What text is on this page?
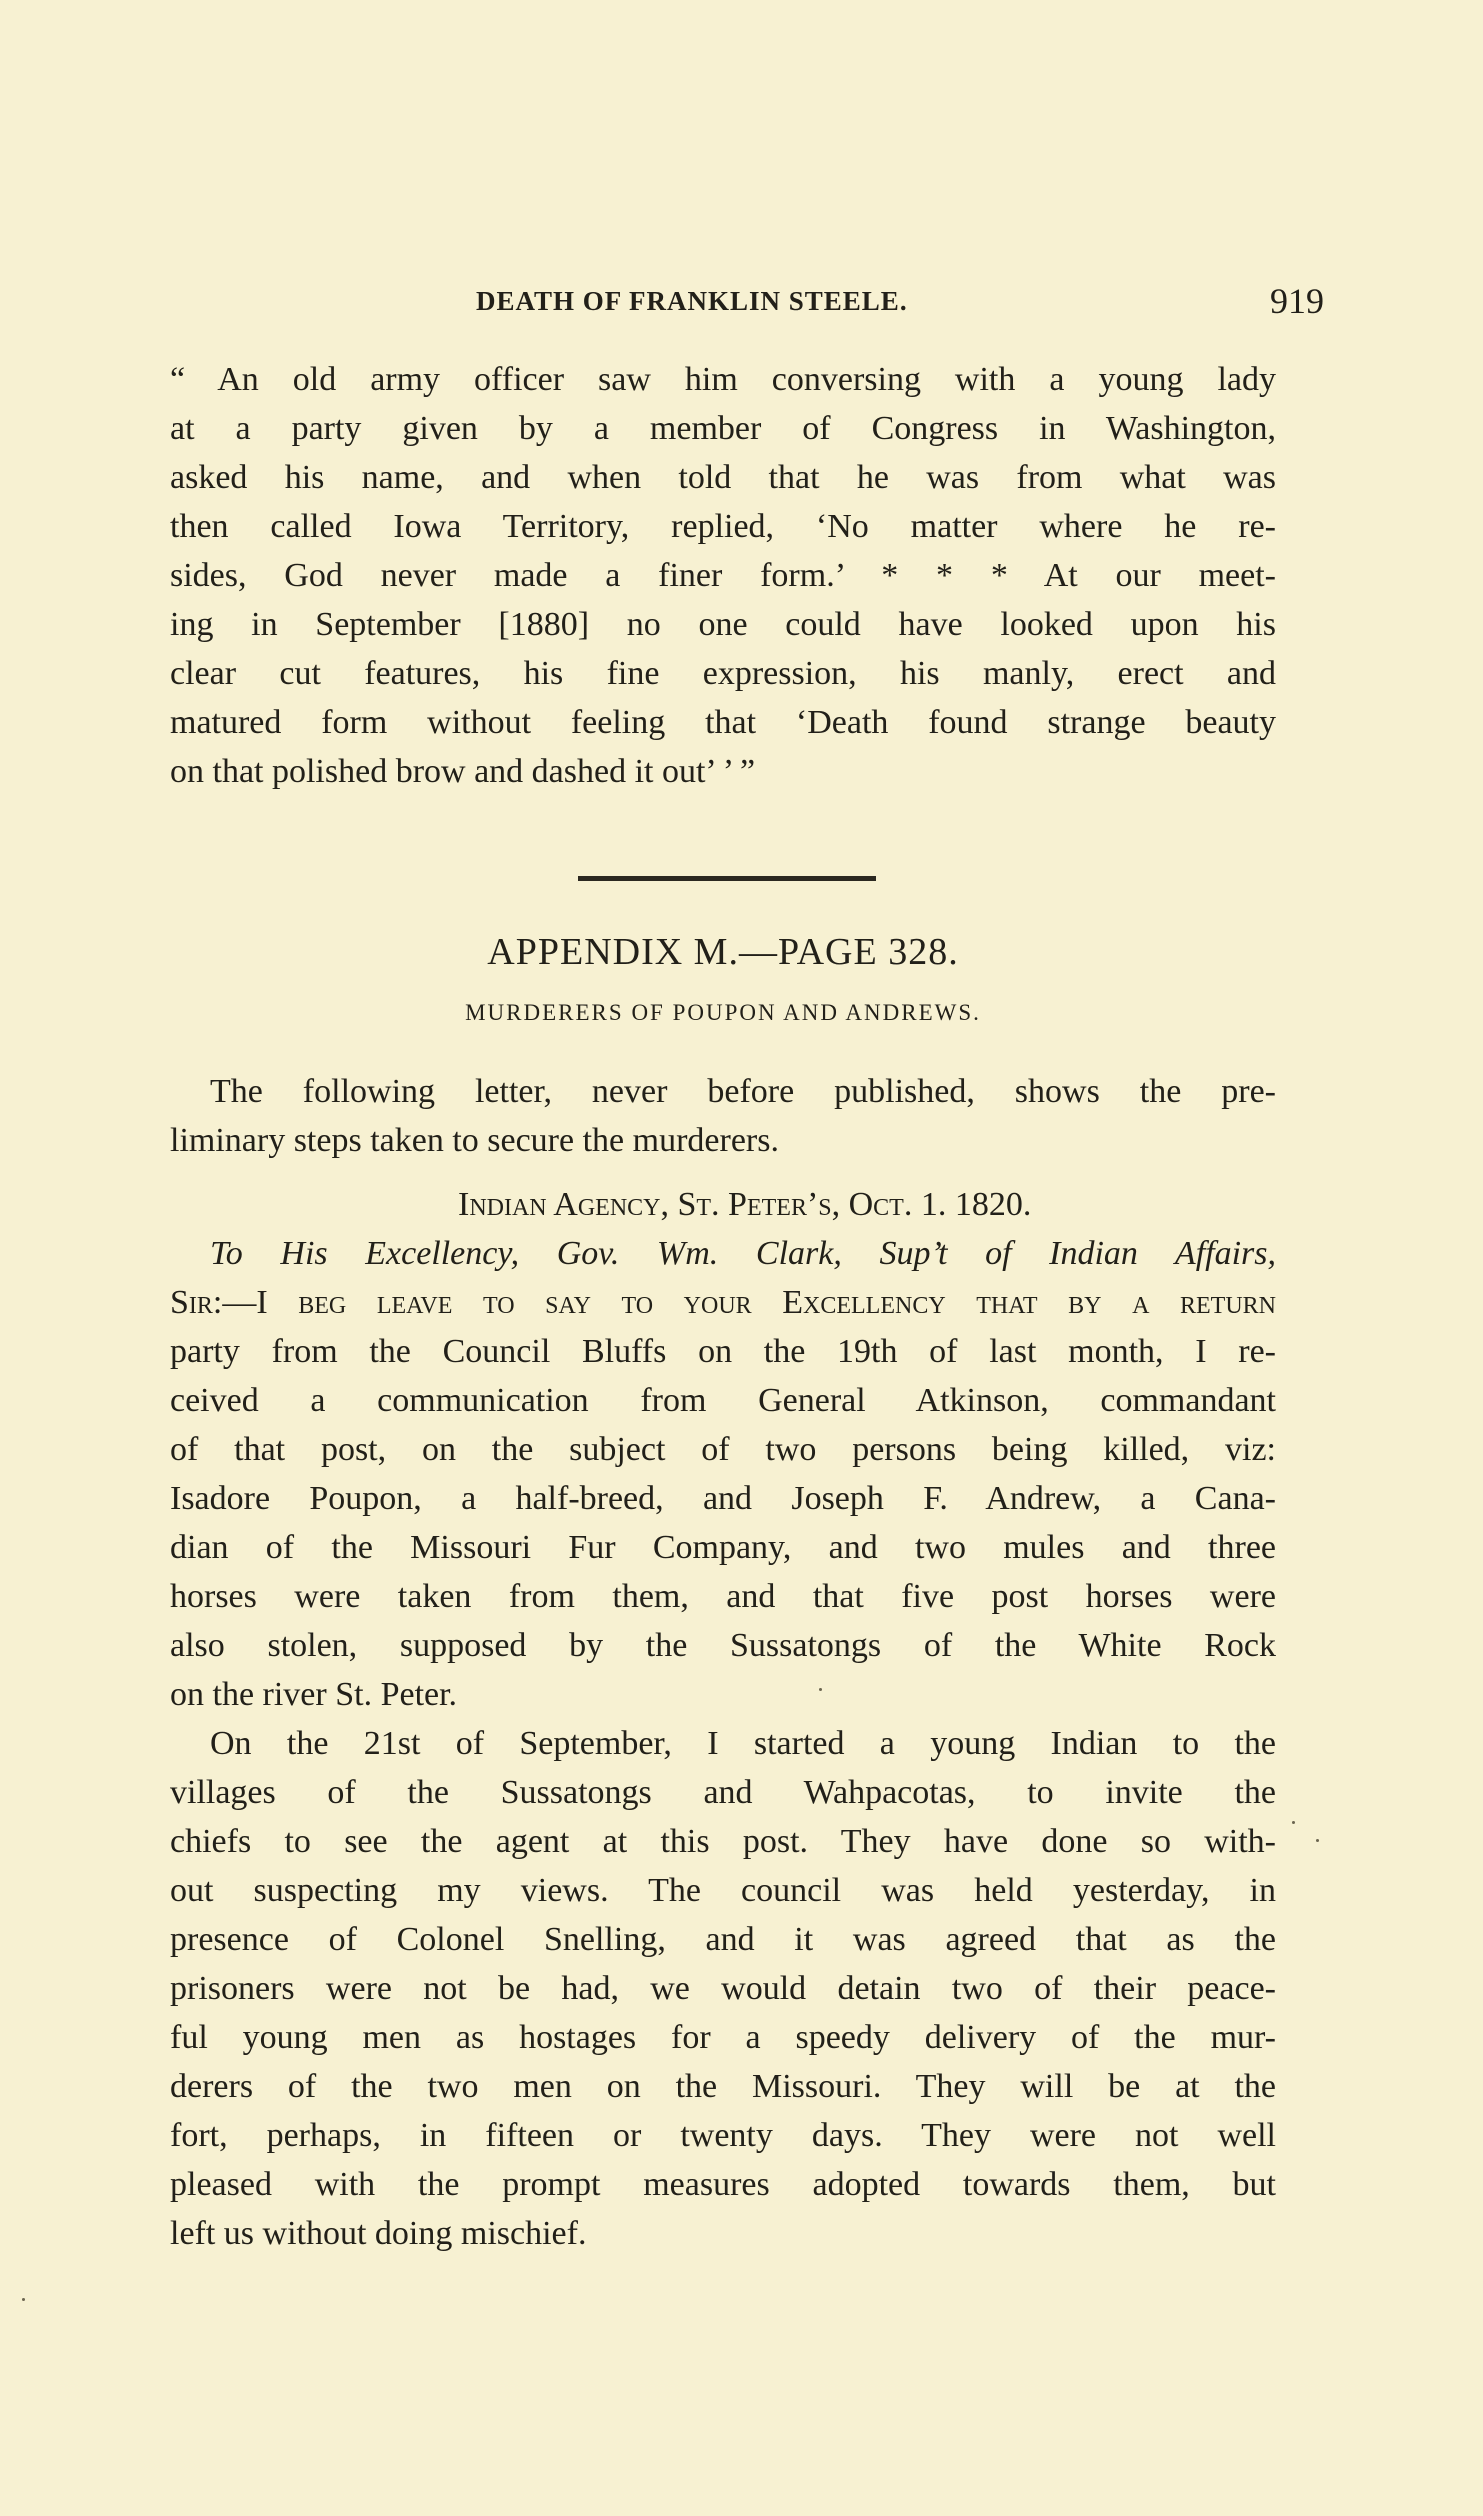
DEATH OF FRANKLIN STEELE.	919
“ An old army officer saw him conversing with a young lady
at a party given by a member of Congress in Washington,
asked his name, and when told that he was from what was
then called Iowa Territory, replied, ‘No matter where he re-
sides, God never made a finer form.’ * * * At our meet-
ing in September [1880] no one could have looked upon his
clear cut features, his fine expression, his manly, erect and
matured form without feeling that ‘Death found strange beauty
on that polished brow and dashed it out’ ’ ”
APPENDIX M.—PAGE 328.
MURDERERS OF POUPON AND ANDREWS.
The following letter, never before published, shows the pre-
liminary steps taken to secure the murderers.
Indian Agency, St. Peter’s, Oct. 1. 1820.
To His Excellency, Gov. Wm. Clark, Sup’t of Indian Affairs,
Sir:—I beg leave to say to your Excellency that by a return
party from the Council Bluffs on the 19th of last month, I re-
ceived a communication from General Atkinson, commandant
of that post, on the subject of two persons being killed, viz:
Isadore Poupon, a half-breed, and Joseph F. Andrew, a Cana-
dian of the Missouri Fur Company, and two mules and three
horses were taken from them, and that five post horses were
also stolen, supposed by the Sussatongs of the White Rock
on the river St. Peter.
On the 21st of September, I started a young Indian to the
villages of the Sussatongs and Wahpacotas, to invite the
chiefs to see the agent at this post. They have done so with-
out suspecting my views. The council was held yesterday, in
presence of Colonel Snelling, and it was agreed that as the
prisoners were not be had, we would detain two of their peace-
ful young men as hostages for a speedy delivery of the mur-
derers of the two men on the Missouri. They will be at the
fort, perhaps, in fifteen or twenty days. They were not well
pleased with the prompt measures adopted towards them, but
left us without doing mischief.
